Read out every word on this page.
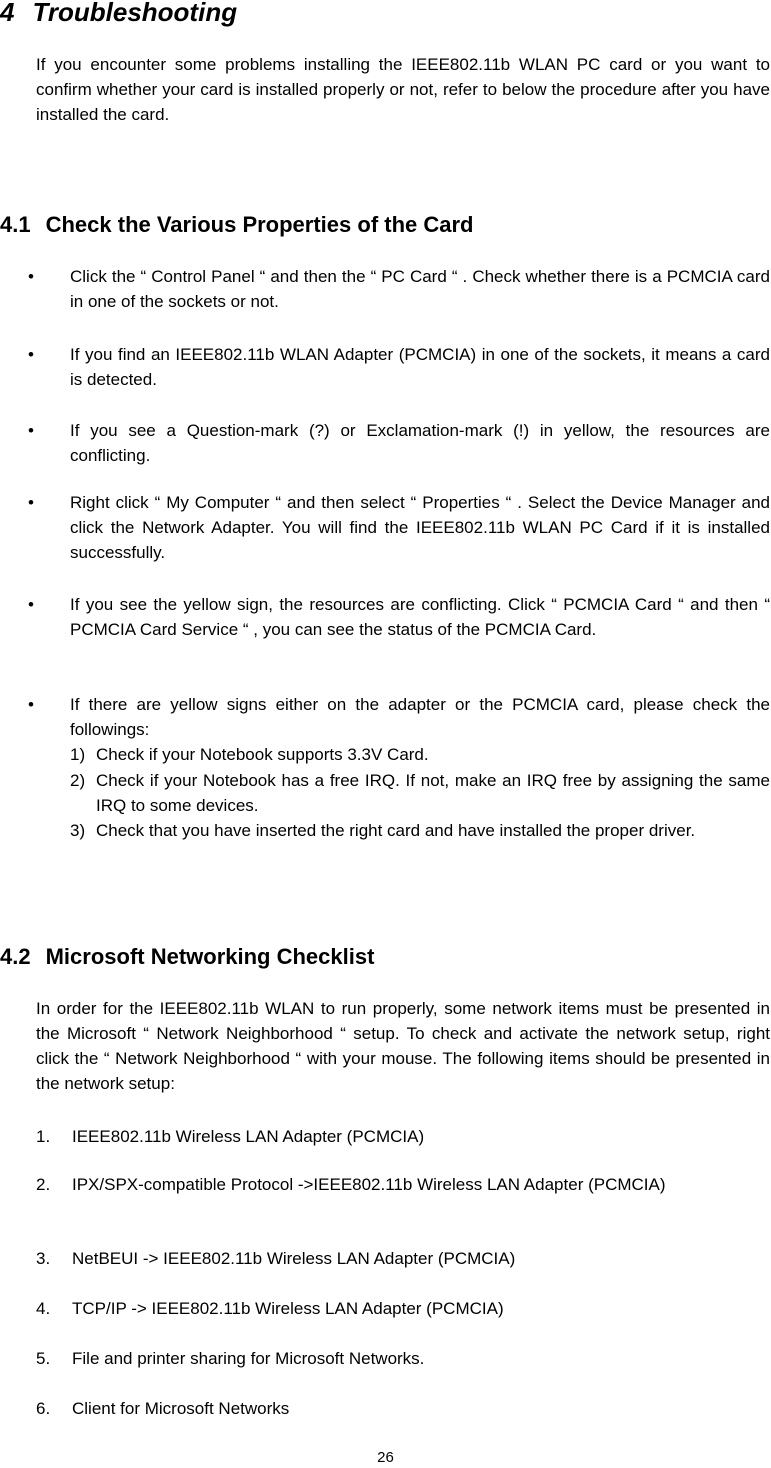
4 Troubleshooting

If you encounter some problems installing the IEEE802.11b WLAN PC card or you want to confirm whether your card is installed properly or not, refer to below the procedure after you have installed the card.

4.1 Check the Various Properties of the Card
• Click the “ Control Panel “ and then the “ PC Card “ . Check whether there is a PCMCIA card in one of the sockets or not.

• If you find an IEEE802.11b WLAN Adapter (PCMCIA) in one of the sockets, it means a card is detected.

• If you see a Question-mark (?) or Exclamation-mark (!) in yellow, the resources are conflicting.

• Right click “ My Computer “ and then select “ Properties “ . Select the Device Manager and click the Network Adapter. You will find the IEEE802.11b WLAN PC Card if it is installed successfully.

• If you see the yellow sign, the resources are conflicting. Click “ PCMCIA Card “ and then “ PCMCIA Card Service “ , you can see the status of the PCMCIA Card.

• If there are yellow signs either on the adapter or the PCMCIA card, please check the followings:

1) Check if your Notebook supports 3.3V Card.

2) Check if your Notebook has a free IRQ. If not, make an IRQ free by assigning the same IRQ to some devices.

3) Check that you have inserted the right card and have installed the proper driver.

4.2 Microsoft Networking Checklist

In order for the IEEE802.11b WLAN to run properly, some network items must be presented in the Microsoft “ Network Neighborhood “ setup. To check and activate the network setup, right click the “ Network Neighborhood “ with your mouse. The following items should be presented in the network setup:

1. IEEE802.11b Wireless LAN Adapter (PCMCIA)

2. IPX/SPX-compatible Protocol ->IEEE802.11b Wireless LAN Adapter (PCMCIA)

3. NetBEUI -> IEEE802.11b Wireless LAN Adapter (PCMCIA)

4. TCP/IP -> IEEE802.11b Wireless LAN Adapter (PCMCIA)

5. File and printer sharing for Microsoft Networks.

6. Client for Microsoft Networks

26
